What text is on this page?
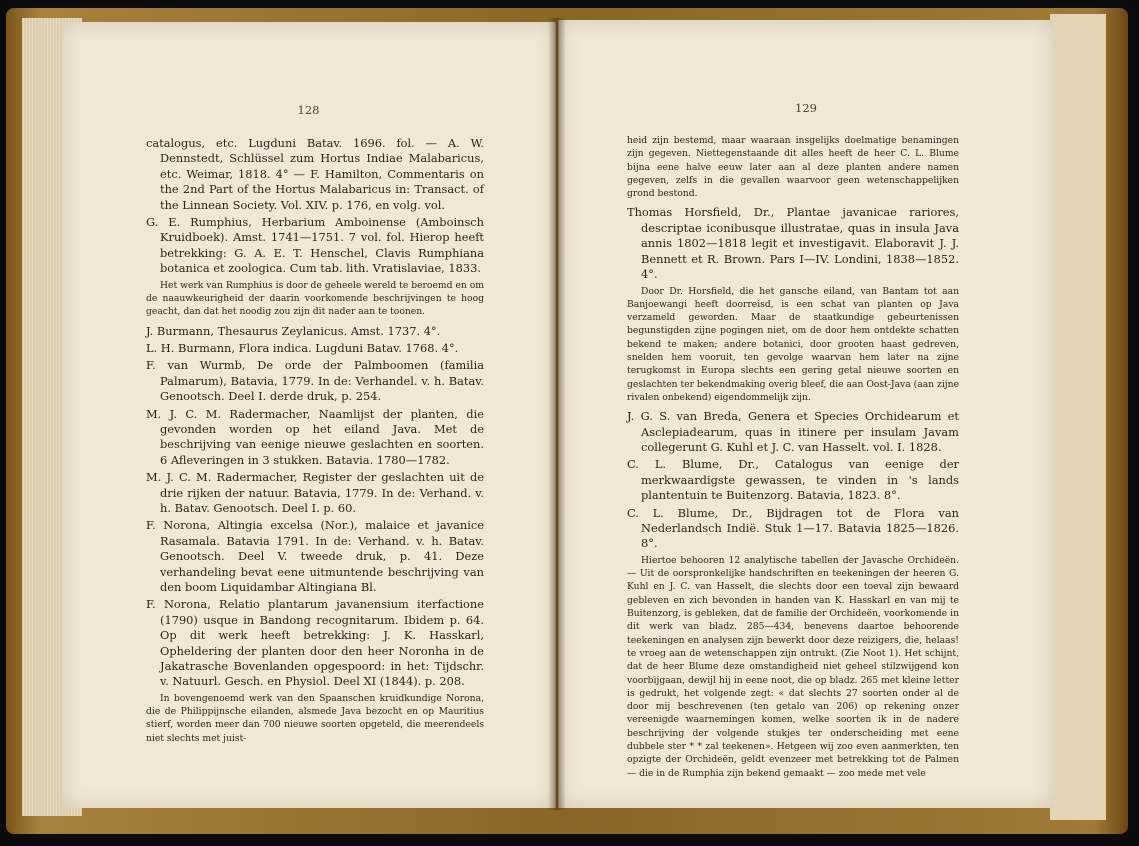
128

catalogus, etc. Lugduni Batav. 1696. fol. — A. W. Dennstedt, Schlüssel zum Hortus Indiae Malabaricus, etc. Weimar, 1818. 4° — F. Hamilton, Commentaris on the 2nd Part of the Hortus Malabaricus in: Transact. of the Linnean Society. Vol. XIV. p. 176, en volg. vol.

G. E. Rumphius, Herbarium Amboinense (Amboinsch Kruidboek). Amst. 1741—1751. 7 vol. fol. Hierop heeft betrekking: G. A. E. T. Henschel, Clavis Rumphiana botanica et zoologica. Cum tab. lith. Vratislaviae, 1833.

Het werk van Rumphius is door de geheele wereld te beroemd en om de naauwkeurigheid der daarin voorkomende beschrijvingen te hoog geacht, dan dat het noodig zou zijn dit nader aan te toonen.

J. Burmann, Thesaurus Zeylanicus. Amst. 1737. 4°.

L. H. Burmann, Flora indica. Lugduni Batav. 1768. 4°.

F. van Wurmb, De orde der Palmboomen (familia Palmarum), Batavia, 1779. In de: Verhandel. v. h. Batav. Genootsch. Deel I. derde druk, p. 254.

M. J. C. M. Radermacher, Naamlijst der planten, die gevonden worden op het eiland Java. Met de beschrijving van eenige nieuwe geslachten en soorten. 6 Afleveringen in 3 stukken. Batavia. 1780—1782.

M. J. C. M. Radermacher, Register der geslachten uit de drie rijken der natuur. Batavia, 1779. In de: Verhand. v. h. Batav. Genootsch. Deel I. p. 60.

F. Norona, Altingia excelsa (Nor.), malaice et javanice Rasamala. Batavia 1791. In de: Verhand. v. h. Batav. Genootsch. Deel V. tweede druk, p. 41. Deze verhandeling bevat eene uitmuntende beschrijving van den boom Liquidambar Altingiana Bl.

F. Norona, Relatio plantarum javanensium iterfactione (1790) usque in Bandong recognitarum. Ibidem p. 64. Op dit werk heeft betrekking: J. K. Hasskarl, Opheldering der planten door den heer Noronha in de Jakatrasche Bovenlanden opgespoord: in het: Tijdschr. v. Natuurl. Gesch. en Physiol. Deel XI (1844). p. 208.

In bovengenoemd werk van den Spaanschen kruidkundige Norona, die de Philippijnsche eilanden, alsmede Java bezocht en op Mauritius stierf, worden meer dan 700 nieuwe soorten opgeteld, die meerendeels niet slechts met juist-

129

heid zijn bestemd, maar waaraan insgelijks doelmatige benamingen zijn gegeven. Niettegenstaande dit alles heeft de heer C. L. Blume bijna eene halve eeuw later aan al deze planten andere namen gegeven, zelfs in die gevallen waarvoor geen wetenschappelijken grond bestond.

Thomas Horsfield, Dr., Plantae javanicae rariores, descriptae iconibusque illustratae, quas in insula Java annis 1802—1818 legit et investigavit. Elaboravit J. J. Bennett et R. Brown. Pars I—IV. Londini, 1838—1852. 4°.

Door Dr. Horsfield, die het gansche eiland, van Bantam tot aan Banjoewangi heeft doorreisd, is een schat van planten op Java verzameld geworden. Maar de staatkundige gebeurtenissen begunstigden zijne pogingen niet, om de door hem ontdekte schatten bekend te maken; andere botanici, door grooten haast gedreven, snelden hem vooruit, ten gevolge waarvan hem later na zijne terugkomst in Europa slechts een gering getal nieuwe soorten en geslachten ter bekendmaking overig bleef, die aan Oost-Java (aan zijne rivalen onbekend) eigendommelijk zijn.

J. G. S. van Breda, Genera et Species Orchidearum et Asclepiadearum, quas in itinere per insulam Javam collegerunt G. Kuhl et J. C. van Hasselt. vol. I. 1828.

C. L. Blume, Dr., Catalogus van eenige der merkwaardigste gewassen, te vinden in 's lands plantentuin te Buitenzorg. Batavia, 1823. 8°.

C. L. Blume, Dr., Bijdragen tot de Flora van Nederlandsch Indië. Stuk 1—17. Batavia 1825—1826. 8°.

Hiertoe behooren 12 analytische tabellen der Javasche Orchideën. — Uit de oorspronkelijke handschriften en teekeningen der heeren G. Kuhl en J. C. van Hasselt, die slechts door een toeval zijn bewaard gebleven en zich bevonden in handen van K. Hasskarl en van mij te Buitenzorg, is gebleken, dat de familie der Orchideën, voorkomende in dit werk van bladz. 285—434, benevens daartoe behoorende teekeningen en analysen zijn bewerkt door deze reizigers, die, helaas! te vroeg aan de wetenschappen zijn ontrukt. (Zie Noot 1). Het schijnt, dat de heer Blume deze omstandigheid niet geheel stilzwijgend kon voorbijgaan, dewijl hij in eene noot, die op bladz. 265 met kleine letter is gedrukt, het volgende zegt: « dat slechts 27 soorten onder al de door mij beschrevenen (ten getalo van 206) op rekening onzer vereenigde waarnemingen komen, welke soorten ik in de nadere beschrijving der volgende stukjes ter onderscheiding met eene dubbele ster * * zal teekenen». Hetgeen wij zoo even aanmerkten, ten opzigte der Orchideën, geldt evenzeer met betrekking tot de Palmen — die in de Rumphia zijn bekend gemaakt — zoo mede met vele
